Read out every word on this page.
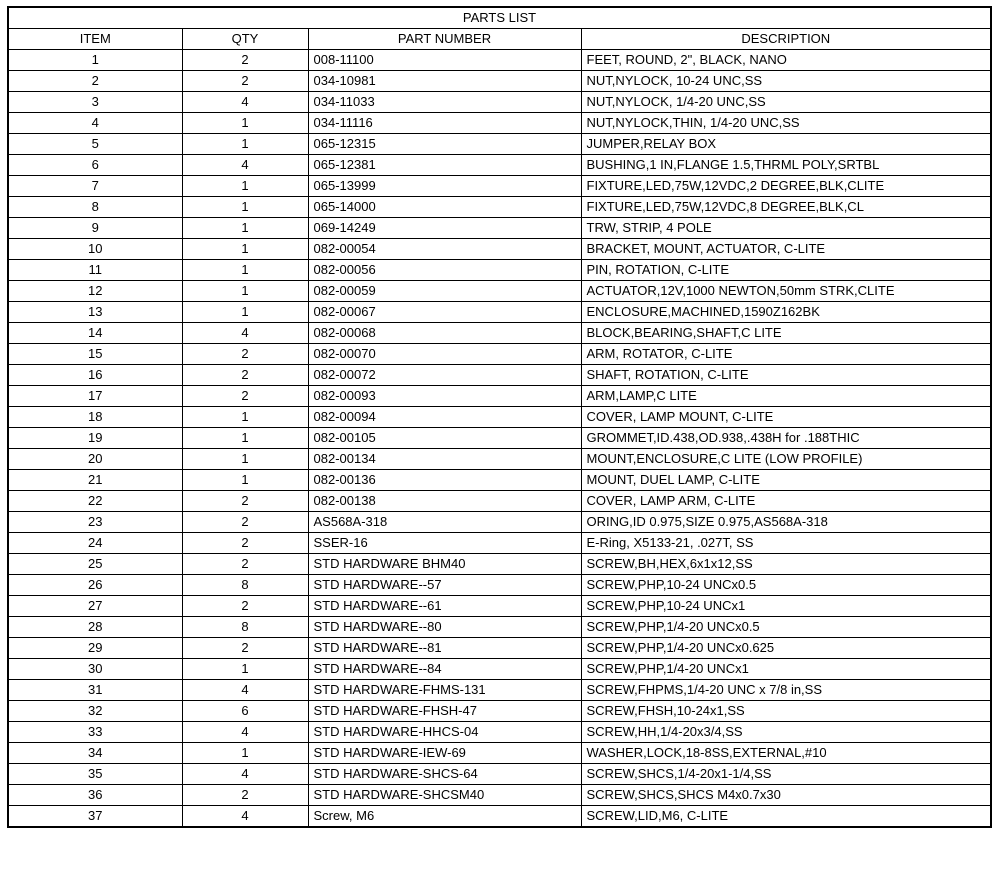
PARTS LIST			
ITEM	QTY	PART NUMBER	DESCRIPTION
1	2	008-11100	FEET, ROUND, 2", BLACK, NANO
2	2	034-10981	NUT,NYLOCK, 10-24 UNC,SS
3	4	034-11033	NUT,NYLOCK, 1/4-20 UNC,SS
4	1	034-11116	NUT,NYLOCK,THIN, 1/4-20 UNC,SS
5	1	065-12315	JUMPER,RELAY BOX
6	4	065-12381	BUSHING,1 IN,FLANGE 1.5,THRML POLY,SRTBL
7	1	065-13999	FIXTURE,LED,75W,12VDC,2 DEGREE,BLK,CLITE
8	1	065-14000	FIXTURE,LED,75W,12VDC,8 DEGREE,BLK,CL
9	1	069-14249	TRW, STRIP, 4 POLE
10	1	082-00054	BRACKET, MOUNT, ACTUATOR, C-LITE
11	1	082-00056	PIN, ROTATION, C-LITE
12	1	082-00059	ACTUATOR,12V,1000 NEWTON,50mm STRK,CLITE
13	1	082-00067	ENCLOSURE,MACHINED,1590Z162BK
14	4	082-00068	BLOCK,BEARING,SHAFT,C LITE
15	2	082-00070	ARM, ROTATOR, C-LITE
16	2	082-00072	SHAFT, ROTATION, C-LITE
17	2	082-00093	ARM,LAMP,C LITE
18	1	082-00094	COVER, LAMP MOUNT, C-LITE
19	1	082-00105	GROMMET,ID.438,OD.938,.438H for .188THIC
20	1	082-00134	MOUNT,ENCLOSURE,C LITE (LOW PROFILE)
21	1	082-00136	MOUNT, DUEL LAMP, C-LITE
22	2	082-00138	COVER, LAMP ARM, C-LITE
23	2	AS568A-318	ORING,ID 0.975,SIZE 0.975,AS568A-318
24	2	SSER-16	E-Ring, X5133-21, .027T, SS
25	2	STD HARDWARE BHM40	SCREW,BH,HEX,6x1x12,SS
26	8	STD HARDWARE--57	SCREW,PHP,10-24 UNCx0.5
27	2	STD HARDWARE--61	SCREW,PHP,10-24 UNCx1
28	8	STD HARDWARE--80	SCREW,PHP,1/4-20 UNCx0.5
29	2	STD HARDWARE--81	SCREW,PHP,1/4-20 UNCx0.625
30	1	STD HARDWARE--84	SCREW,PHP,1/4-20 UNCx1
31	4	STD HARDWARE-FHMS-131	SCREW,FHPMS,1/4-20 UNC x 7/8 in,SS
32	6	STD HARDWARE-FHSH-47	SCREW,FHSH,10-24x1,SS
33	4	STD HARDWARE-HHCS-04	SCREW,HH,1/4-20x3/4,SS
34	1	STD HARDWARE-IEW-69	WASHER,LOCK,18-8SS,EXTERNAL,#10
35	4	STD HARDWARE-SHCS-64	SCREW,SHCS,1/4-20x1-1/4,SS
36	2	STD HARDWARE-SHCSM40	SCREW,SHCS,SHCS M4x0.7x30
37	4	Screw, M6	SCREW,LID,M6, C-LITE
